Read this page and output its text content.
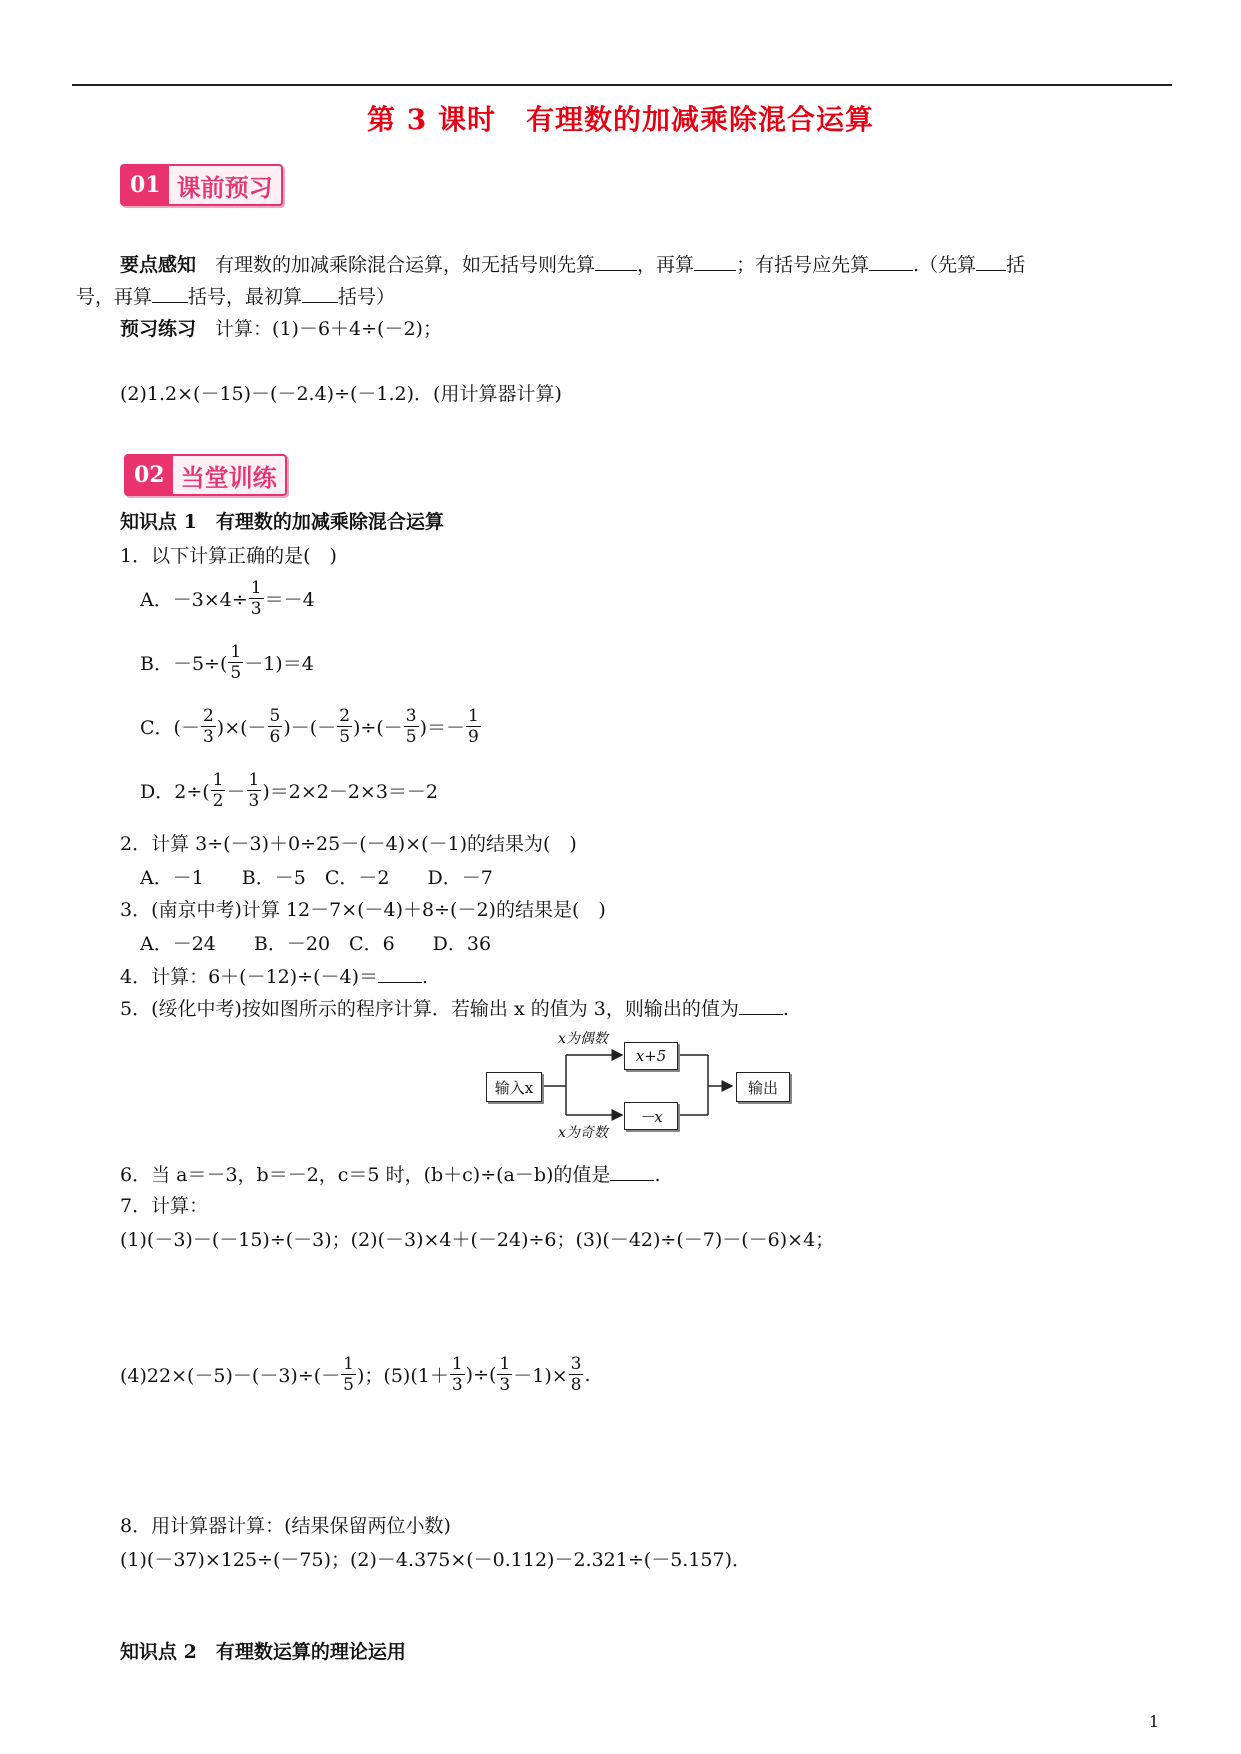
第 3 课时 有理数的加减乘除混合运算
01 课前预习
要点感知　 有理数的加减乘除混合运算，如无括号则先算 ，再算 ；有括号应先算 .（先算 括
号，再算 括号，最初算 括号）
预习练习　 计算：(1)－6＋4÷(－2)；
(2)1.2×(－15)－(－2.4)÷(－1.2)．(用计算器计算)
02 当堂训练
知识点 1　有理数的加减乘除混合运算
1．以下计算正确的是(　)
A．$-3\times 4\div \frac{1}{3} =-4$
B．$-5\div( \frac{1}{5} -1)=4$
C．(－ $\frac{2}{3}$ )×(－ $\frac{5}{6}$ )－(－ $\frac{2}{5}$ )÷(－ $\frac{3}{5}$ )＝－ $\frac{1}{9}$
D．$2\div( \frac{1}{2} - \frac{1}{3} )=2\times 2-2\times 3=-2$
2．计算 3÷(－3)＋0÷25－(－4)×(－1)的结果为(　)
A．－1　　B．－5　C．－2　　D．－7
3．(南京中考)计算 12－7×(－4)＋8÷(－2)的结果是(　)
A．－24　　B．－20　C．6　　D．36
4．计算：6＋(－12)÷(－4)＝ .
5．(绥化中考)按如图所示的程序计算．若输出 x 的值为 3，则输出的值为 .
输入x
x为偶数
x+5
－x
x为奇数
输出
6．当 a＝－3，b＝－2，c＝5 时，(b＋c)÷(a－b)的值是 .
7．计算：
(1)(－3)－(－15)÷(－3)；(2)(－3)×4＋(－24)÷6；(3)(－42)÷(－7)－(－6)×4；
$(4)22\times(-5)-(-3)\div(- \frac{1}{5}$ )；$(5)(1+ \frac{1}{3}$ )÷( $\frac{1}{3} -1)\times \frac{3}{8}$ .
8．用计算器计算：(结果保留两位小数)
(1)(－37)×125÷(－75)；(2)－4.375×(－0.112)－2.321÷(－5.157)．
知识点 2　有理数运算的理论运用
1
